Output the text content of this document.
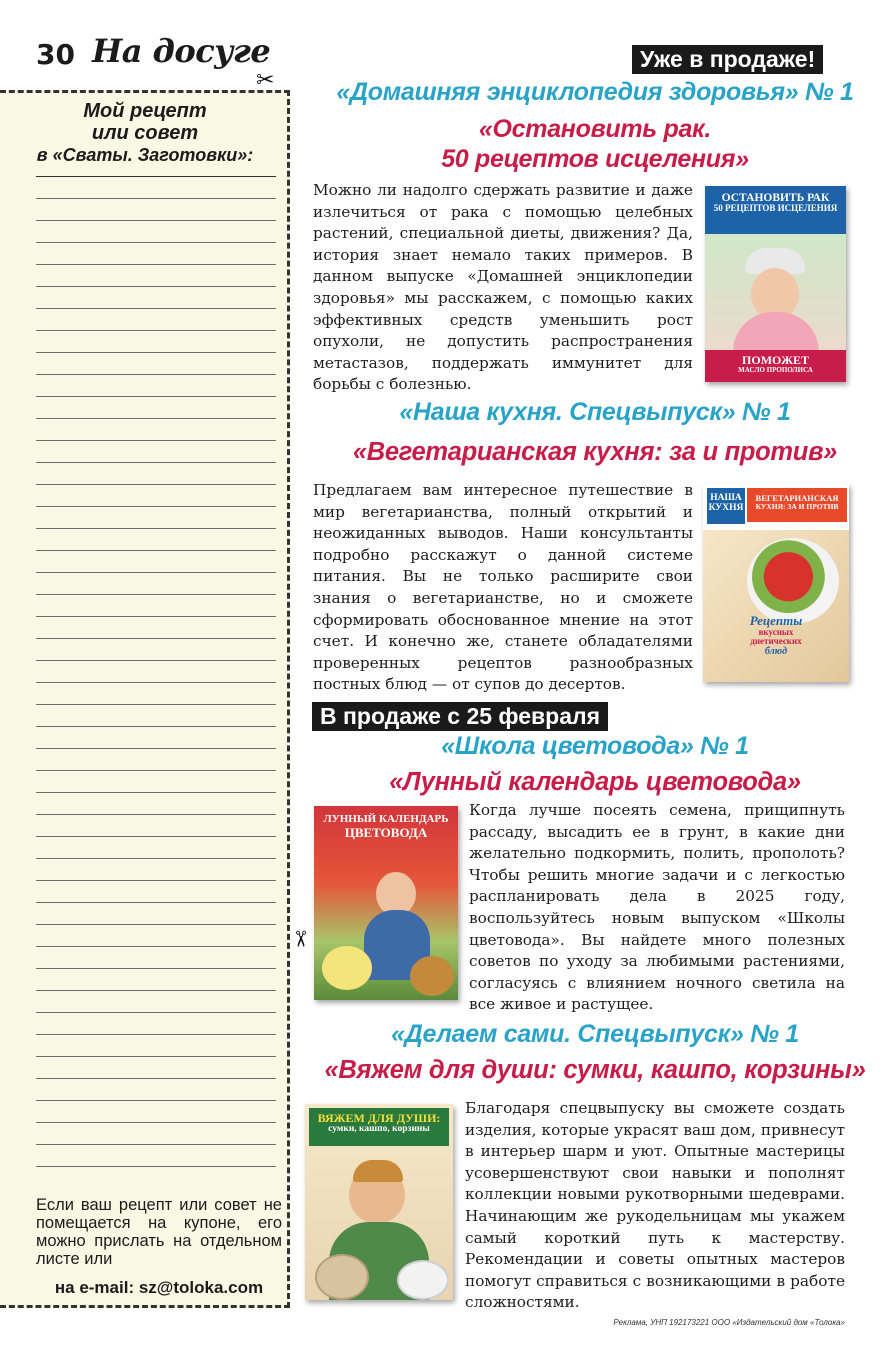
30 На досуге	Уже в продаже!
✂
✂
Мой рецепт
или совет
в «Сваты. Заготовки»:
Если ваш рецепт или совет не помещается на купоне, его можно прислать на отдельном листе или
на e-mail: sz@toloka.com
«Домашняя энциклопедия здоровья» № 1
«Остановить рак.
50 рецептов исцеления»
Можно ли надолго сдержать развитие и даже излечиться от рака с помощью целебных растений, специальной диеты, движения? Да, история знает немало таких примеров. В данном выпуске «Домашней энциклопедии здоровья» мы расскажем, с помощью каких эффективных средств уменьшить рост опухоли, не допустить распространения метастазов, поддержать иммунитет для борьбы с болезнью.
ОСТАНОВИТЬ РАК
50 РЕЦЕПТОВ ИСЦЕЛЕНИЯ
ПОМОЖЕТ
МАСЛО ПРОПОЛИСА
«Наша кухня. Спецвыпуск» № 1
«Вегетарианская кухня: за и против»
Предлагаем вам интересное путешествие в мир вегетарианства, полный открытий и неожиданных выводов. Наши консультанты подробно расскажут о данной системе питания. Вы не только расширите свои знания о вегетарианстве, но и сможете сформировать обоснованное мнение на этот счет. И конечно же, станете обладателями проверенных рецептов разнообразных постных блюд — от супов до десертов.
НАША
КУХНЯ
ВЕГЕТАРИАНСКАЯ
КУХНЯ: ЗА И ПРОТИВ
Рецепты
вкусных
диетических
блюд
В продаже с 25 февраля
«Школа цветовода» № 1
«Лунный календарь цветовода»
Когда лучше посеять семена, прищипнуть рассаду, высадить ее в грунт, в какие дни желательно подкормить, полить, прополоть? Чтобы решить многие задачи и с легкостью распланировать дела в 2025 году, воспользуйтесь новым выпуском «Школы цветовода». Вы найдете много полезных советов по уходу за любимыми растениями, согласуясь с влиянием ночного светила на все живое и растущее.
ЛУННЫЙ КАЛЕНДАРЬ
ЦВЕТОВОДА
«Делаем сами. Спецвыпуск» № 1
«Вяжем для души: сумки, кашпо, корзины»
Благодаря спецвыпуску вы сможете создать изделия, которые украсят ваш дом, привнесут в интерьер шарм и уют. Опытные мастерицы усовершенствуют свои навыки и пополнят коллекции новыми рукотворными шедеврами. Начинающим же рукодельницам мы укажем самый короткий путь к мастерству. Рекомендации и советы опытных мастеров помогут справиться с возникающими в работе сложностями.
ВЯЖЕМ ДЛЯ ДУШИ:
сумки, кашпо, корзины
Реклама, УНП 192173221 ООО «Издательский дом «Толока»
